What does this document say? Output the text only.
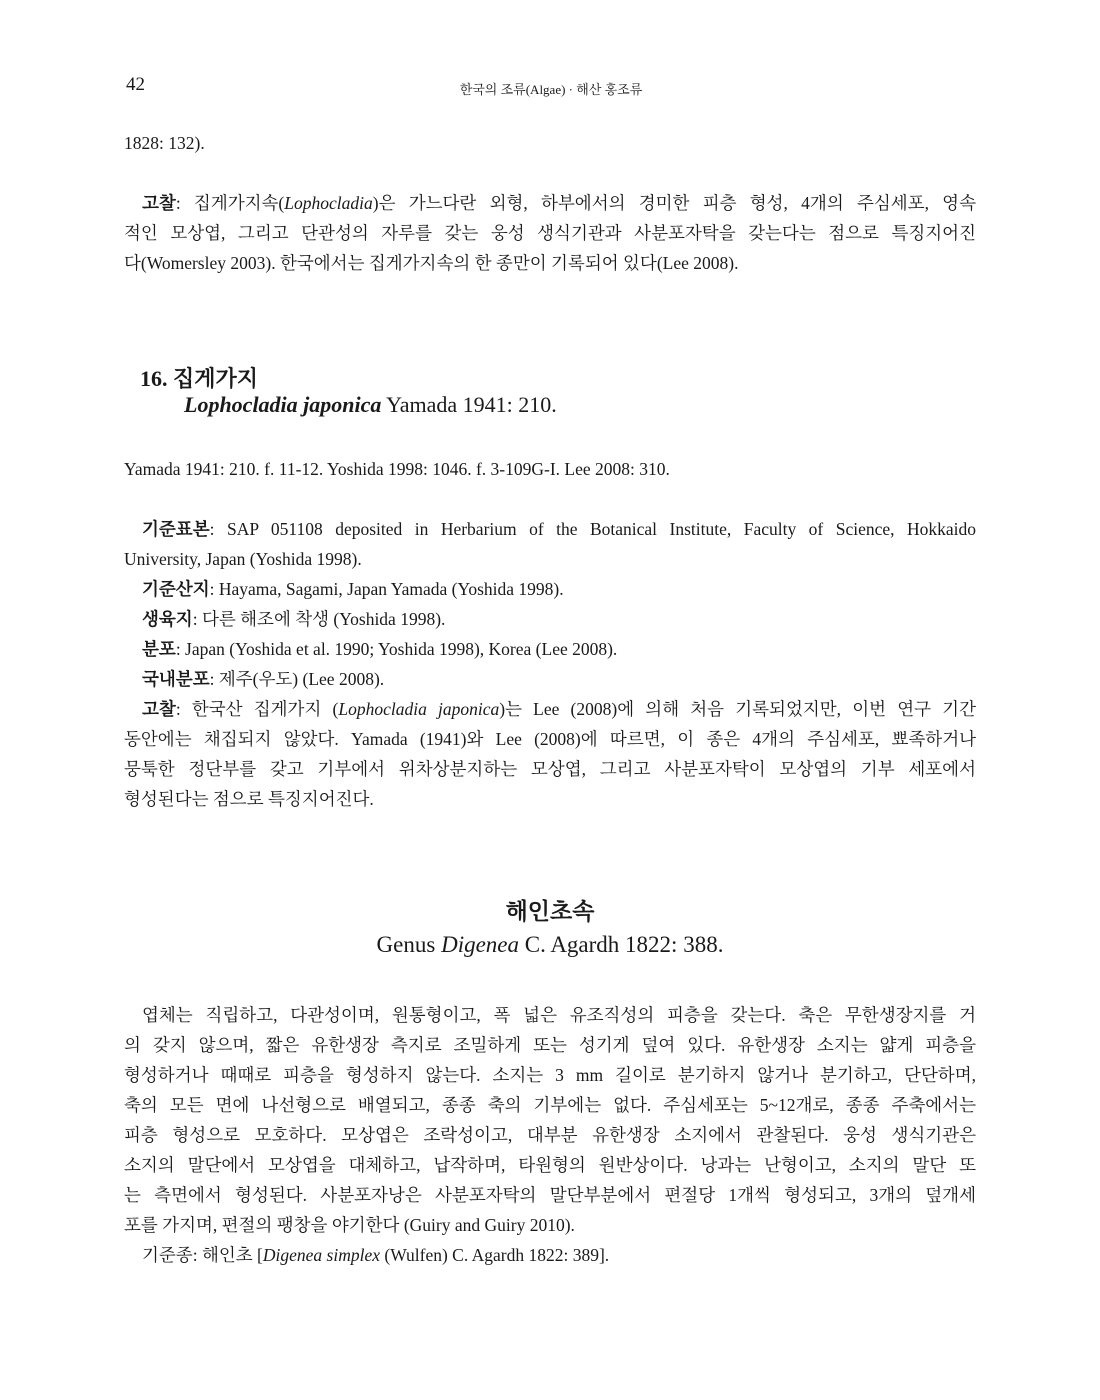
42	한국의 조류(Algae) · 해산 홍조류
1828: 132).
고찰: 집게가지속(Lophocladia)은 가느다란 외형, 하부에서의 경미한 피층 형성, 4개의 주심세포, 영속
적인 모상엽, 그리고 단관성의 자루를 갖는 웅성 생식기관과 사분포자탁을 갖는다는 점으로 특징지어진
다(Womersley 2003). 한국에서는 집게가지속의 한 종만이 기록되어 있다(Lee 2008).
16. 집게가지
Lophocladia japonica Yamada 1941: 210.
Yamada 1941: 210. f. 11-12. Yoshida 1998: 1046. f. 3-109G-I. Lee 2008: 310.
기준표본: SAP 051108 deposited in Herbarium of the Botanical Institute, Faculty of Science, Hokkaido
University, Japan (Yoshida 1998).
기준산지: Hayama, Sagami, Japan Yamada (Yoshida 1998).
생육지: 다른 해조에 착생 (Yoshida 1998).
분포: Japan (Yoshida et al. 1990; Yoshida 1998), Korea (Lee 2008).
국내분포: 제주(우도) (Lee 2008).
고찰: 한국산 집게가지 (Lophocladia japonica)는 Lee (2008)에 의해 처음 기록되었지만, 이번 연구 기간
동안에는 채집되지 않았다. Yamada (1941)와 Lee (2008)에 따르면, 이 종은 4개의 주심세포, 뾰족하거나
뭉툭한 정단부를 갖고 기부에서 위차상분지하는 모상엽, 그리고 사분포자탁이 모상엽의 기부 세포에서
형성된다는 점으로 특징지어진다.
해인초속
Genus Digenea C. Agardh 1822: 388.
엽체는 직립하고, 다관성이며, 원통형이고, 폭 넓은 유조직성의 피층을 갖는다. 축은 무한생장지를 거
의 갖지 않으며, 짧은 유한생장 측지로 조밀하게 또는 성기게 덮여 있다. 유한생장 소지는 얇게 피층을
형성하거나 때때로 피층을 형성하지 않는다. 소지는 3 mm 길이로 분기하지 않거나 분기하고, 단단하며,
축의 모든 면에 나선형으로 배열되고, 종종 축의 기부에는 없다. 주심세포는 5~12개로, 종종 주축에서는
피층 형성으로 모호하다. 모상엽은 조락성이고, 대부분 유한생장 소지에서 관찰된다. 웅성 생식기관은
소지의 말단에서 모상엽을 대체하고, 납작하며, 타원형의 원반상이다. 낭과는 난형이고, 소지의 말단 또
는 측면에서 형성된다. 사분포자낭은 사분포자탁의 말단부분에서 편절당 1개씩 형성되고, 3개의 덮개세
포를 가지며, 편절의 팽창을 야기한다 (Guiry and Guiry 2010).
기준종: 해인초 [Digenea simplex (Wulfen) C. Agardh 1822: 389].
